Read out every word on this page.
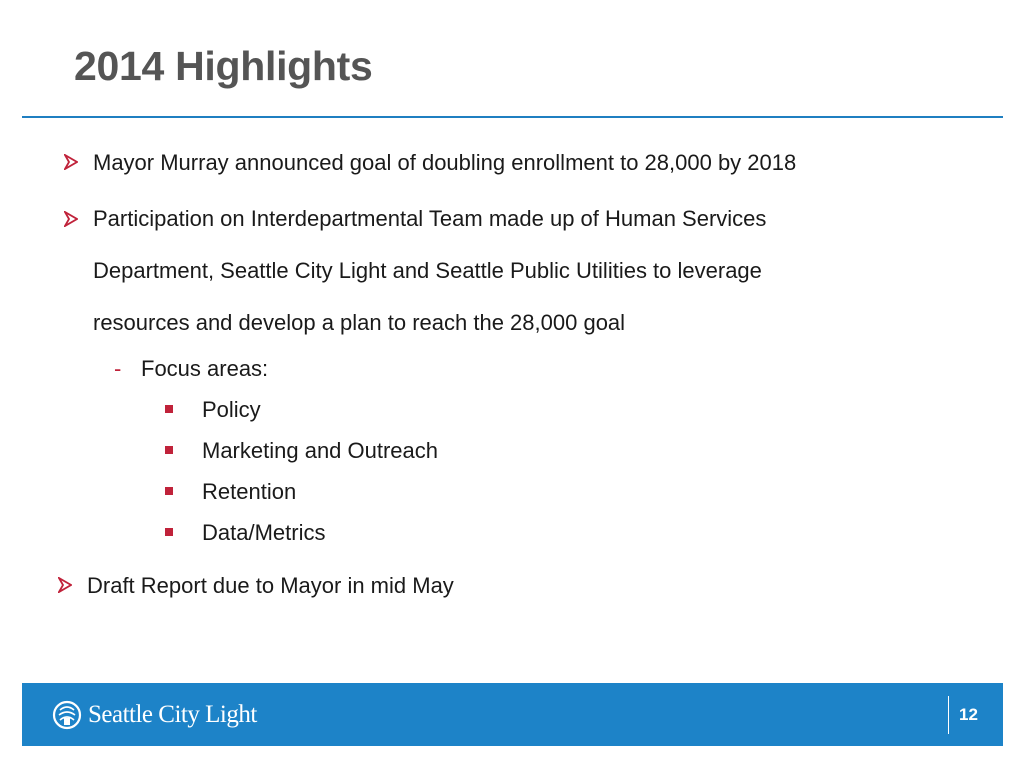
2014 Highlights
Mayor Murray announced goal of doubling enrollment to 28,000 by 2018
Participation on Interdepartmental Team made up of Human Services
Department, Seattle City Light and Seattle Public Utilities to leverage
resources and develop a plan to reach the 28,000 goal
- Focus areas:
Policy
Marketing and Outreach
Retention
Data/Metrics
Draft Report due to Mayor in mid May
Seattle City Light	12
